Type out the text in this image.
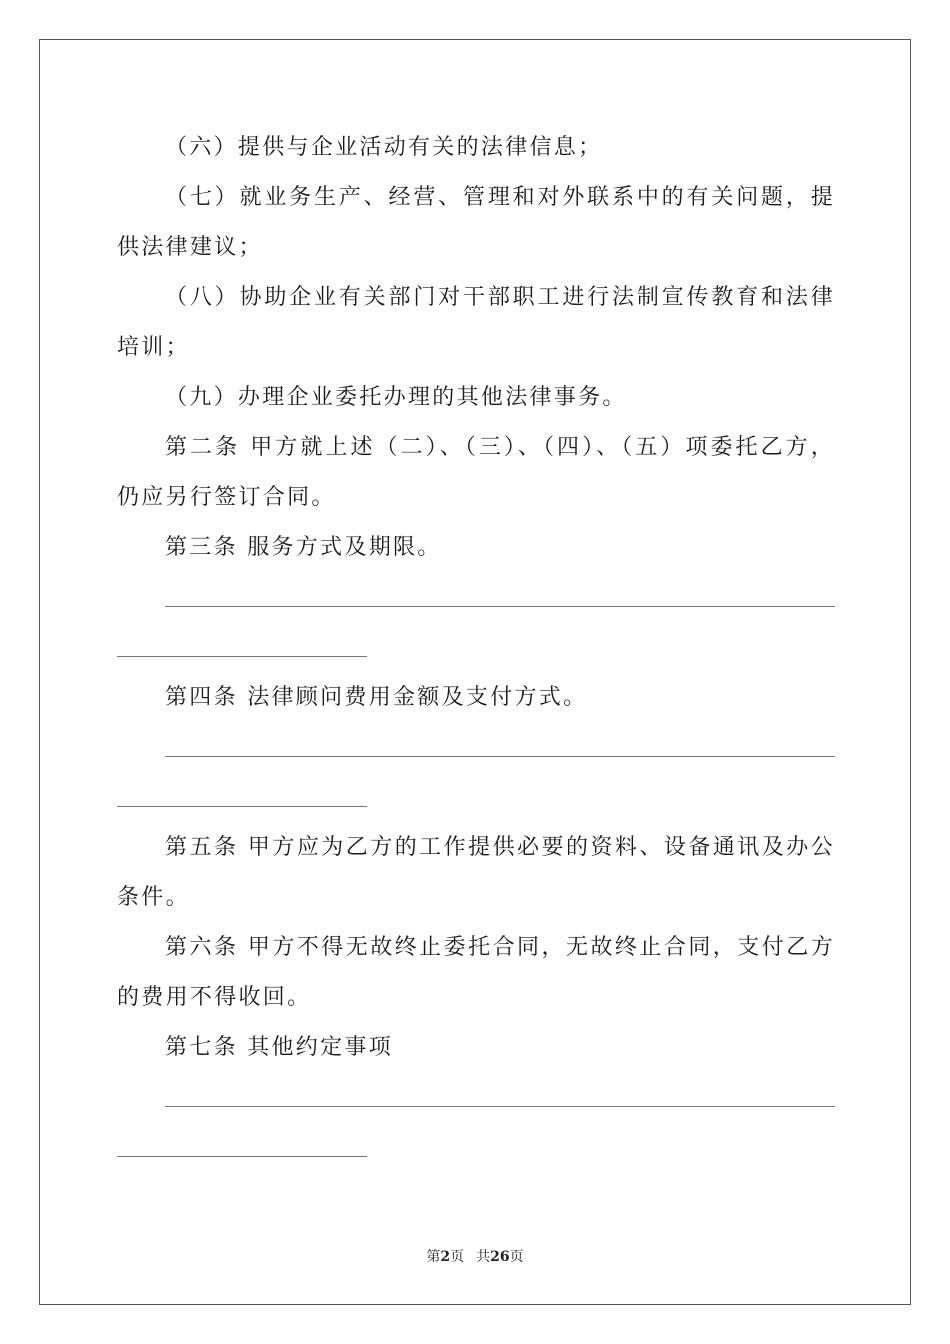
（六）提供与企业活动有关的法律信息；

（七）就业务生产、经营、管理和对外联系中的有关问题，提供法律建议；

（八）协助企业有关部门对干部职工进行法制宣传教育和法律培训；

（九）办理企业委托办理的其他法律事务。

第二条 甲方就上述（二）、（三）、（四）、（五）项委托乙方，仍应另行签订合同。

第三条 服务方式及期限。

第四条 法律顾问费用金额及支付方式。

第五条 甲方应为乙方的工作提供必要的资料、设备通讯及办公条件。

第六条 甲方不得无故终止委托合同，无故终止合同，支付乙方的费用不得收回。

第七条 其他约定事项

第2页 共26页
